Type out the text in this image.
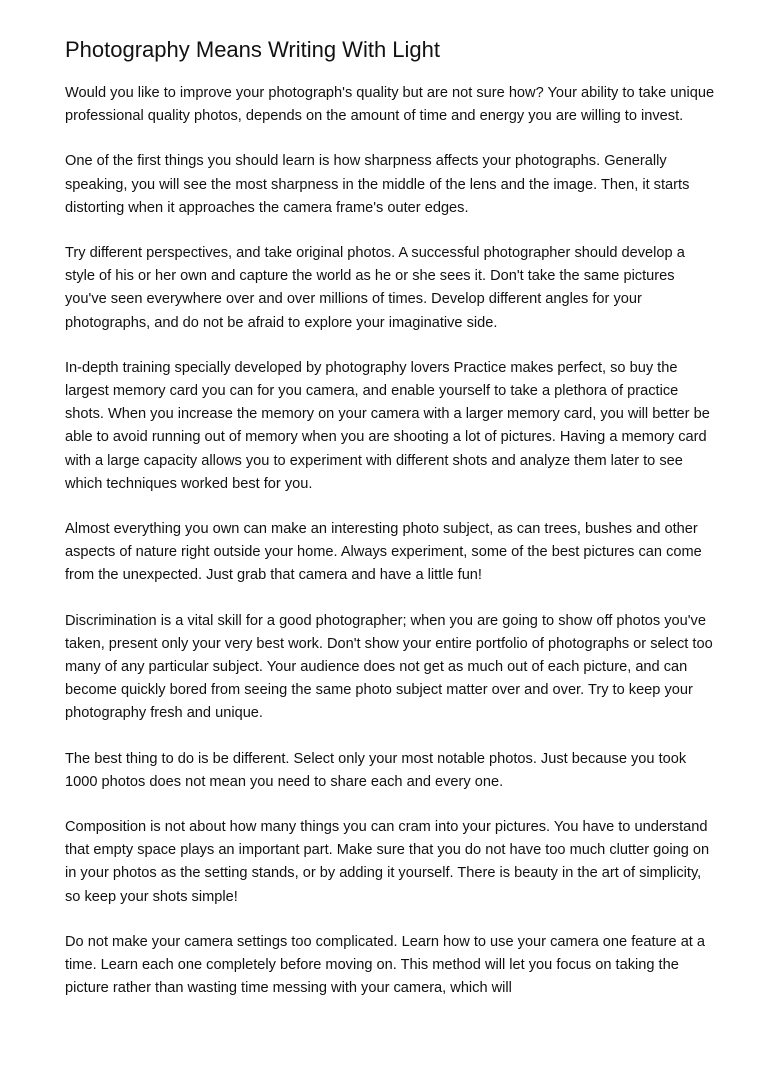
Photography Means Writing With Light

Would you like to improve your photograph's quality but are not sure how? Your ability to take unique professional quality photos, depends on the amount of time and energy you are willing to invest.

One of the first things you should learn is how sharpness affects your photographs. Generally speaking, you will see the most sharpness in the middle of the lens and the image. Then, it starts distorting when it approaches the camera frame's outer edges.

Try different perspectives, and take original photos. A successful photographer should develop a style of his or her own and capture the world as he or she sees it. Don't take the same pictures you've seen everywhere over and over millions of times. Develop different angles for your photographs, and do not be afraid to explore your imaginative side.

In-depth training specially developed by photography lovers Practice makes perfect, so buy the largest memory card you can for you camera, and enable yourself to take a plethora of practice shots. When you increase the memory on your camera with a larger memory card, you will better be able to avoid running out of memory when you are shooting a lot of pictures. Having a memory card with a large capacity allows you to experiment with different shots and analyze them later to see which techniques worked best for you.

Almost everything you own can make an interesting photo subject, as can trees, bushes and other aspects of nature right outside your home. Always experiment, some of the best pictures can come from the unexpected. Just grab that camera and have a little fun!

Discrimination is a vital skill for a good photographer; when you are going to show off photos you've taken, present only your very best work. Don't show your entire portfolio of photographs or select too many of any particular subject. Your audience does not get as much out of each picture, and can become quickly bored from seeing the same photo subject matter over and over. Try to keep your photography fresh and unique.

The best thing to do is be different. Select only your most notable photos. Just because you took 1000 photos does not mean you need to share each and every one.

Composition is not about how many things you can cram into your pictures. You have to understand that empty space plays an important part. Make sure that you do not have too much clutter going on in your photos as the setting stands, or by adding it yourself. There is beauty in the art of simplicity, so keep your shots simple!

Do not make your camera settings too complicated. Learn how to use your camera one feature at a time. Learn each one completely before moving on. This method will let you focus on taking the picture rather than wasting time messing with your camera, which will
